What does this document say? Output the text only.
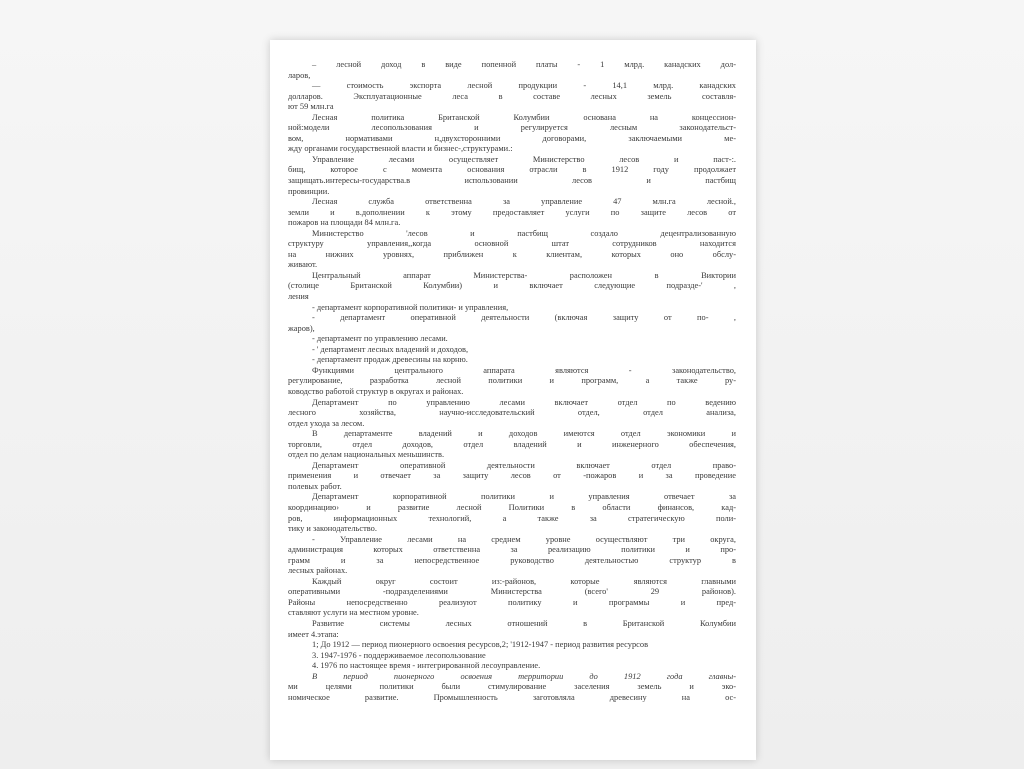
– лесной доход в виде попенной платы - 1 млрд. канадских дол-
ларов,
— стоимость экспорта лесной продукции - 14,1 млрд. канадских
долларов. Эксплуатационные леса в составе лесных земель составля-
ют 59 млн.га
Лесная политика Британской Колумбии основана на концессион-
ной:модели лесопользования и регулируется лесным законодательст-
вом, нормативами н,двухсторонними договорами, заключаемыми ме-
жду органами государственной власти и бизнес-,структурами.:
Управление лесами осуществляет Министерство лесов и паст-:.
бищ, которое с момента основания отрасли в 1912 году продолжает
защищать.интересы-государства.в использовании лесов и пастбищ
провинции.
Лесная служба ответственна за управление 47 млн.га лесной.,
земли и в.дополнении к этому предоставляет услуги по защите лесов от
пожаров на площади 84 млн.га.
Министерство 'лесов и пастбищ создало децентрализованную
структуру управления,,когда основной штат сотрудников находится
на нижних уровнях, приближен к клиентам, которых оно обслу-
живают.
Центральный аппарат Министерства- расположен в Виктории
(столице Британской Колумбии) и включает следующие подразде-' ,
ления
- департамент корпоративной политики- и управления,
- департамент оперативной деятельности (включая защиту от по- ,
жаров),
- департамент по управлению лесами.
- ' департамент лесных владений и доходов,
- департамент продаж древесины на корню.
Функциями центрального аппарата являются - законодательство,
регулирование, разработка лесной политики и программ, а также ру-
ководство работой структур в округах и районах.
Департамент по управлению лесами включает отдел по ведению
лесного хозяйства, научно-исследовательский отдел, отдел анализа,
отдел ухода за лесом.
В департаменте владений и доходов имеются отдел экономики и
торговли, отдел доходов, отдел владений и инженерного обеспечения,
отдел по делам национальных меньшинств.
Департамент оперативной деятельности включает отдел право-
применения и отвечает за защиту лесов от -пожаров и за проведение
полевых работ.
Департамент корпоративной политики и управления отвечает за
координацию› и развитие лесной Политики в области финансов, кад-
ров, информационных технологий, а также за стратегическую поли-
тику и законодательство.
- Управление лесами на среднем уровне осуществляют три округа,
администрация которых ответственна за реализацию политики и про-
грамм и за непосредственное руководство деятельностью структур в
лесных районах.
Каждый округ состоит из:-районов, которые являются главными
оперативными -подразделениями Министерства (всего' 29 районов).
Районы непосредственно реализуют политику и программы и пред-
ставляют услуги на местном уровне.
Развитие системы лесных отношений в Британской Колумбии
имеет 4.этапа:
1; До 1912 — период пионерного освоения ресурсов,2; '1912-1947 - период развития ресурсов
3. 1947-1976 - поддерживаемое лесопользование
4. 1976 по настоящее время - интегрированной лесоуправление.
В период пионерного освоения территории до 1912 года главны-
ми целями политики были стимулирование заселения земель и эко-
номическое развитие. Промышленность заготовляла древесину на ос-
